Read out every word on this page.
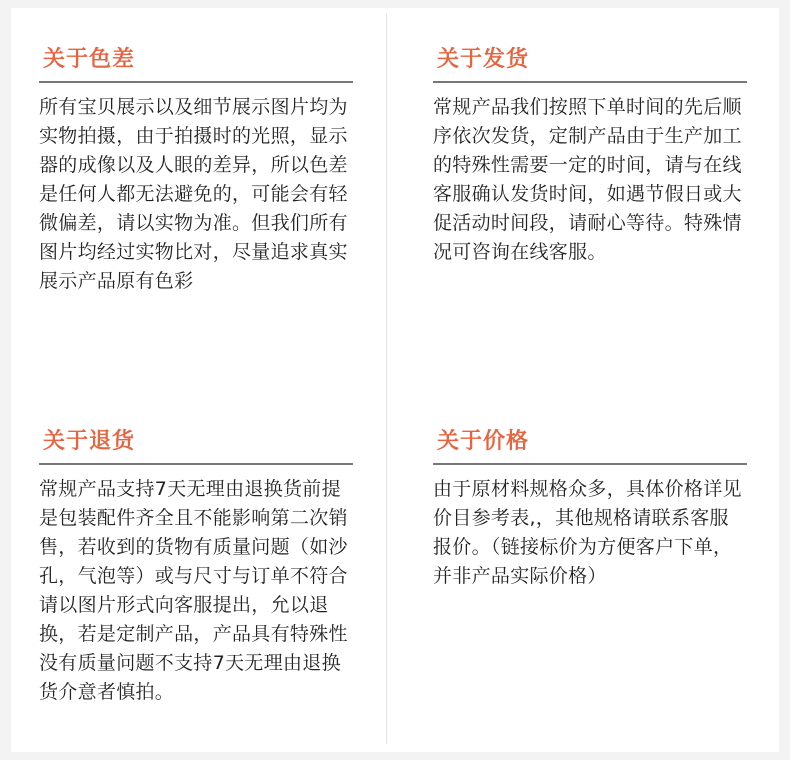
关于色差
所有宝贝展示以及细节展示图片均为实物拍摄，由于拍摄时的光照，显示器的成像以及人眼的差异，所以色差是任何人都无法避免的，可能会有轻微偏差，请以实物为准。但我们所有图片均经过实物比对，尽量追求真实展示产品原有色彩
关于发货
常规产品我们按照下单时间的先后顺序依次发货，定制产品由于生产加工的特殊性需要一定的时间，请与在线客服确认发货时间，如遇节假日或大促活动时间段，请耐心等待。特殊情况可咨询在线客服。
关于退货
常规产品支持7天无理由退换货前提是包装配件齐全且不能影响第二次销售，若收到的货物有质量问题（如沙孔，气泡等）或与尺寸与订单不符合请以图片形式向客服提出，允以退换，若是定制产品，产品具有特殊性没有质量问题不支持7天无理由退换货介意者慎拍。
关于价格
由于原材料规格众多，具体价格详见价目参考表,，其他规格请联系客服报价。（链接标价为方便客户下单，并非产品实际价格）
